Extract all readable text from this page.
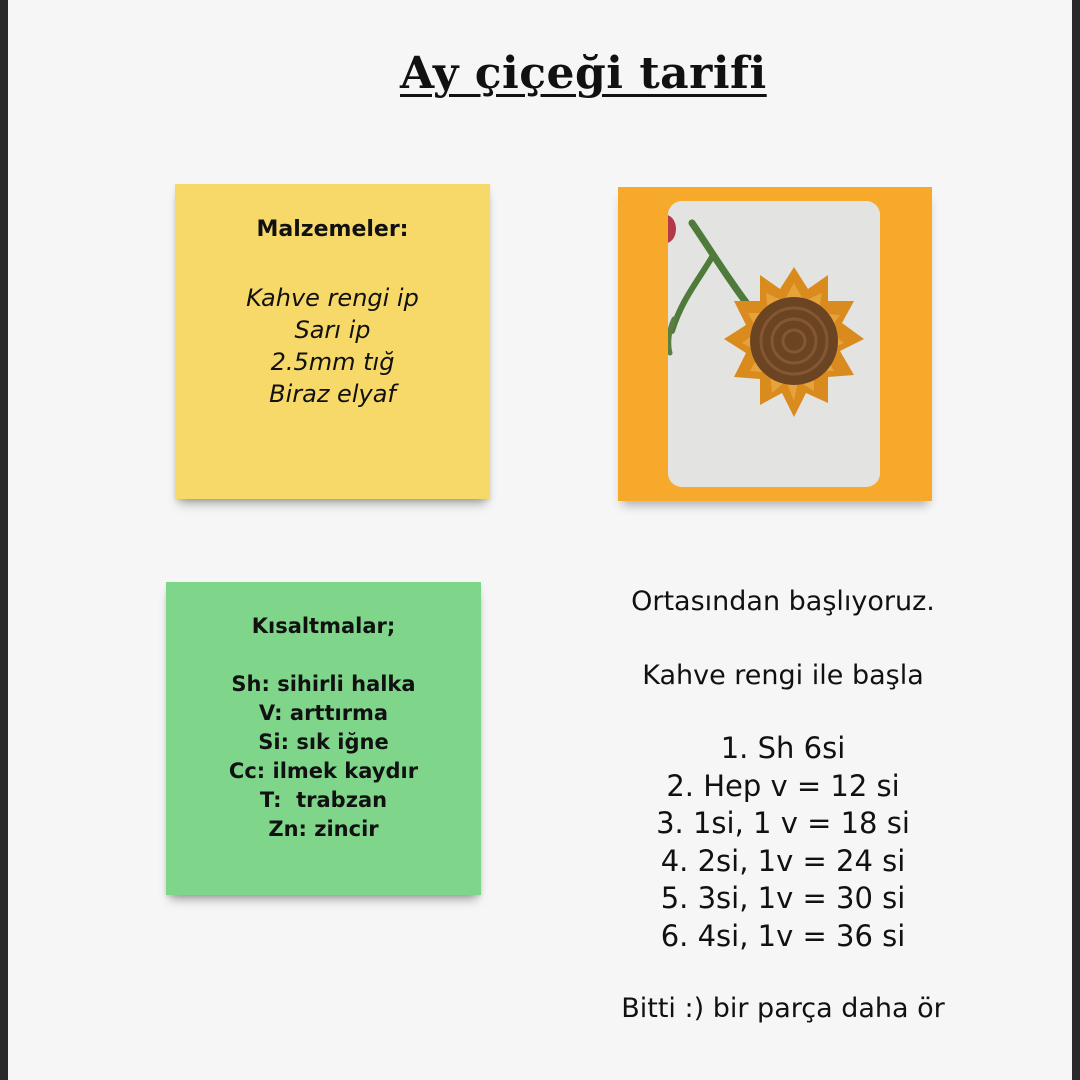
Ay çiçeği tarifi

Malzemeler:

Kahve rengi ip
Sarı ip
2.5mm tığ
Biraz elyaf

Kısaltmalar;

Sh: sihirli halka
V: arttırma
Si: sık iğne
Cc: ilmek kaydır
T:  trabzan
Zn: zincir

Ortasından başlıyoruz.

Kahve rengi ile başla

1. Sh 6si
2. Hep v = 12 si
3. 1si, 1 v = 18 si
4. 2si, 1v = 24 si
5. 3si, 1v = 30 si
6. 4si, 1v = 36 si

Bitti :) bir parça daha ör
